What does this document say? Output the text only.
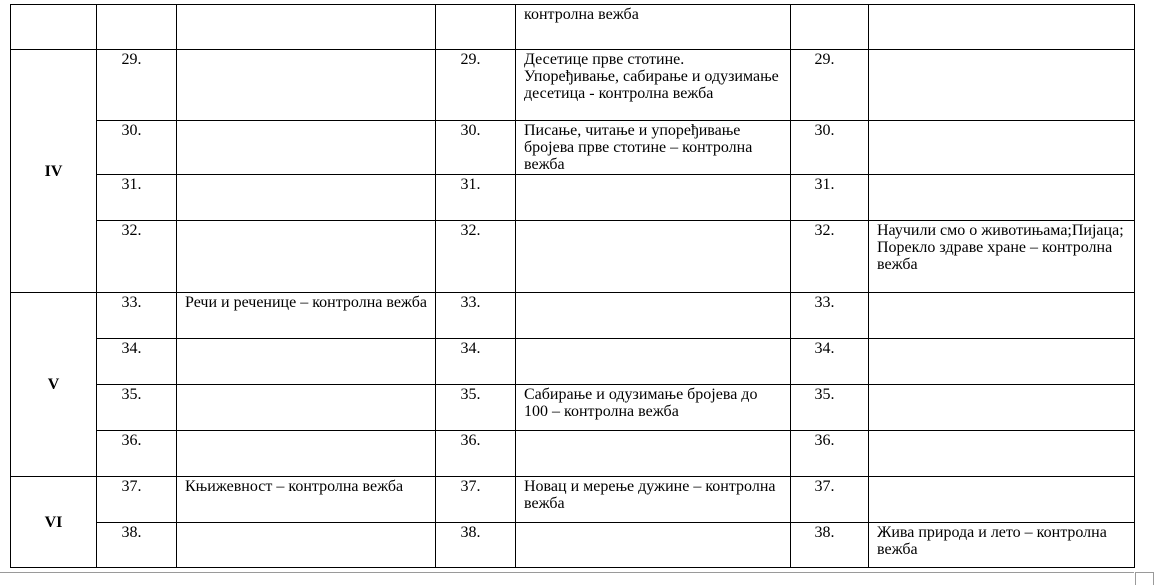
				контролна вежба		
IV	29.		29.	Десетице прве стотине. Упоређивање, сабирање и одузимање десетица - контролна вежба	29.	
	30.		30.	Писање, читање и упоређивање бројева прве стотине – контролна вежба	30.	
	31.		31.		31.	
	32.		32.		32.	Научили смо о животињама;Пијаца; Порекло здраве хране – контролна вежба
V	33.	Речи и реченице – контролна вежба	33.		33.	
	34.		34.		34.	
	35.		35.	Сабирање и одузимање бројева до 100 – контролна вежба	35.	
	36.		36.		36.	
VI	37.	Књижевност – контролна вежба	37.	Новац и мерење дужине – контролна вежба	37.	
	38.		38.		38.	Жива природа и лето – контролна вежба
